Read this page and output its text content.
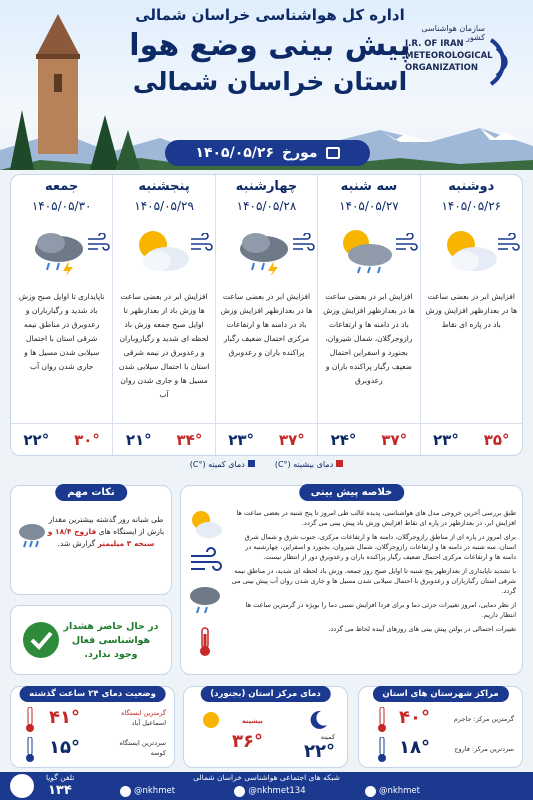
اداره کل هواشناسی خراسان شمالی
پیش بینی وضع هوا
استان خراسان شمالی
سازمان هواشناسی کشور
I.R. OF IRAN
METEOROLOGICAL
ORGANIZATION
مورخ
۱۴۰۵/۰۵/۲۶
دوشنبه
۱۴۰۵/۰۵/۲۶
افزایش ابر در بعضی ساعت ها در بعدازظهر افزایش وزش باد در پاره ای نقاط
۲۳°	۳۵°
سه شنبه
۱۴۰۵/۰۵/۲۷
افزایش ابر در بعضی ساعت ها در بعدازظهر افزایش وزش باد در دامنه ها و ارتفاعات رازوجرگلان، شمال شیروان، بجنورد و اسفراین احتمال ضعیف رگبار پراکنده باران و رعدوبرق
۲۴°	۳۷°
چهارشنبه
۱۴۰۵/۰۵/۲۸
افزایش ابر در بعضی ساعت ها در بعدازظهر افزایش وزش باد در دامنه ها و ارتفاعات مرکزی احتمال ضعیف رگبار پراکنده باران و رعدوبرق
۲۳°	۳۷°
پنجشنبه
۱۴۰۵/۰۵/۲۹
افزایش ابر در بعضی ساعت ها وزش باد از بعدازظهر تا اوایل صبح جمعه وزش باد لحظه ای شدید و رگباروباران و رعدوبرق در نیمه شرقی استان با احتمال سیلابی شدن مسیل ها و جاری شدن روان آب
۲۱°	۳۴°
جمعه
۱۴۰۵/۰۵/۳۰
ناپایداری تا اوایل صبح وزش باد شدید و رگبارباران و رعدوبرق در مناطق نیمه شرقی استان با احتمال سیلابی شدن مسیل ها و جاری شدن روان آب
۲۲°	۳۰°
دمای بیشینه (°C)
دمای کمینه (°C)
نکات مهم
طی شبانه روز گذشته بیشترین مقدار بارش از ایستگاه های فاروج ۱۸/۴ و سنخه ۳ میلیمتر گزارش شد.
در حال حاضر هشدار هواشناسی فعال وجود ندارد.
خلاصه پیش بینی
طبق بررسی آخرین خروجی مدل های هواشناسی، پدیده غالب طی امروز تا پنج شنبه در بعضی ساعت ها افزایش ابر، در بعدازظهر در پاره ای نقاط افزایش وزش باد پیش بینی می گردد.
برای امروز در پاره ای از مناطق رازوجرگلان، دامنه ها و ارتفاعات مرکزی، جنوب شرق و شمال شرق استان، سه شنبه در دامنه ها و ارتفاعات رازوجرگلان، شمال شیروان، بجنورد و اسفراین، چهارشنبه در دامنه ها و ارتفاعات مرکزی احتمال ضعیف رگبار پراکنده باران و رعدوبرق دور از انتظار نیست.
با تشدید ناپایداری از بعدازظهر پنج شنبه تا اوایل صبح روز جمعه، وزش باد لحظه ای شدید، در مناطق نیمه شرقی استان رگبارباران و رعدوبرق با احتمال سیلابی شدن مسیل ها و جاری شدن روان آب پیش بینی می گردد.
از نظر دمایی، امروز تغییرات جزئی دما و برای فردا افزایش نسبی دما را بویژه در گرمترین ساعت ها انتظار داریم.
تغییرات احتمالی در بولتن پیش بینی های روزهای آینده لحاظ می گردد.
مراکز شهرستان های استان
گرمترین مرکز: جاجرم
۴۰°
سردترین مرکز: فاروج
۱۸°
دمای مرکز استان (بجنورد)
کمینه
۲۲°
بیشینه
۳۶°
وضعیت دمای ۲۴ ساعت گذشته
گرمترین ایستگاه
اسماعیل آباد
۴۱°
سردترین ایستگاه
کوسه
۱۵°
شبکه های اجتماعی هواشناسی خراسان شمالی
@nkhmet	@nkhmet134	@nkhmet
تلفن گویا
۱۳۴
